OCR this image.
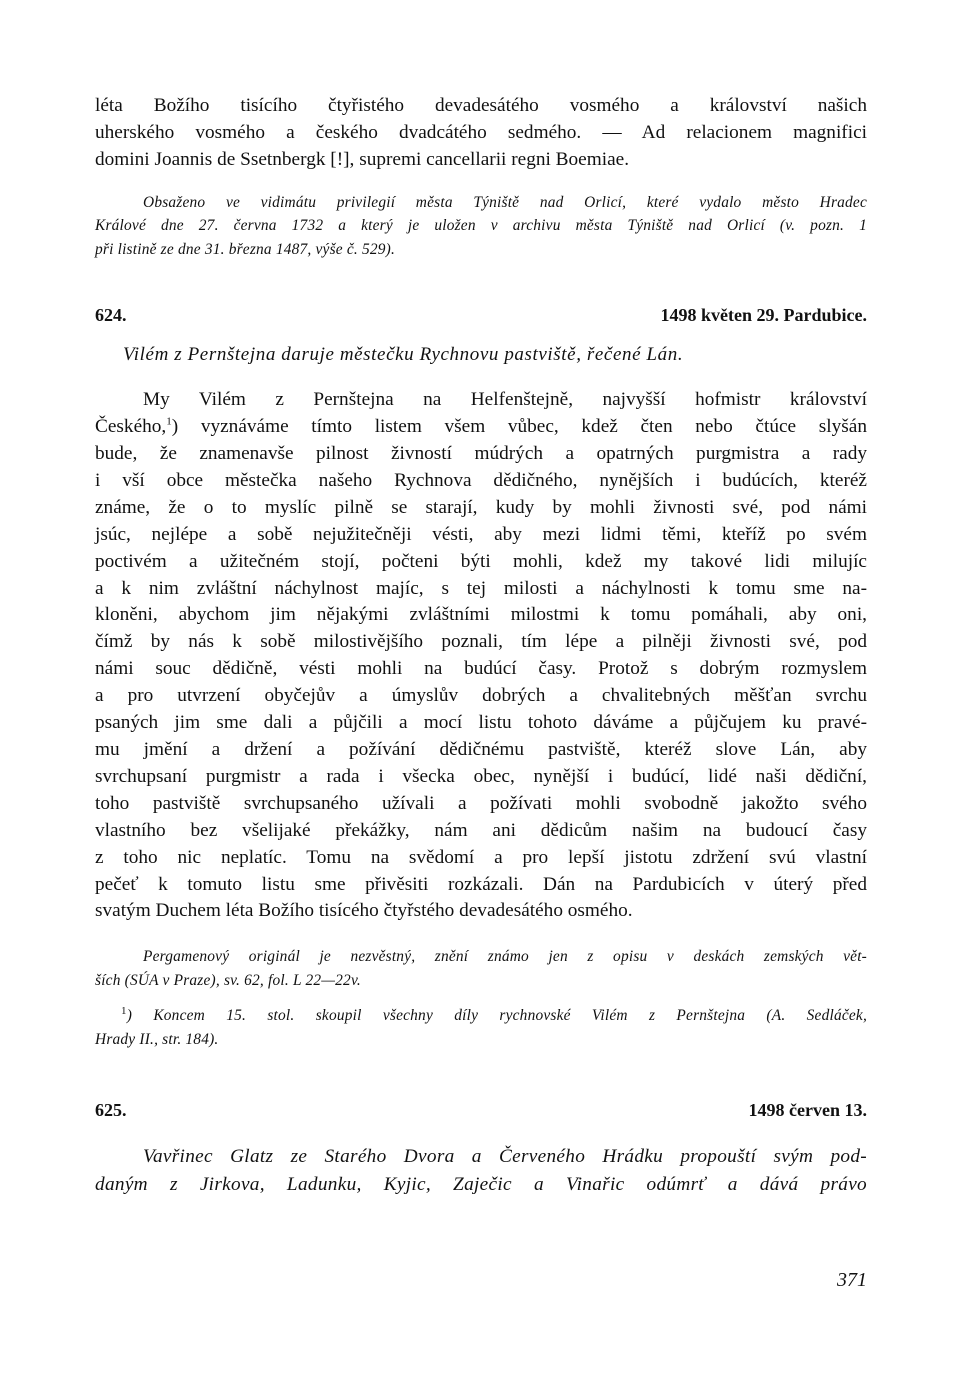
léta Božího tisícího čtyřistého devadesátého vosmého a království našich
uherského vosmého a českého dvadcátého sedmého. — Ad relacionem magnifici
domini Joannis de Ssetnbergk [!], supremi cancellarii regni Boemiae.
Obsaženo ve vidimátu privilegií města Týniště nad Orlicí, které vydalo město Hradec
Králové dne 27. června 1732 a který je uložen v archivu města Týniště nad Orlicí (v. pozn. 1
při listině ze dne 31. března 1487, výše č. 529).
624.	1498 květen 29. Pardubice.
Vilém z Pernštejna daruje městečku Rychnovu pastviště, řečené Lán.
My Vilém z Pernštejna na Helfenštejně, najvyšší hofmistr království
Českého,$^1$) vyznáváme tímto listem všem vůbec, kdež čten nebo čtúce slyšán
bude, že znamenavše pilnost živností múdrých a opatrných purgmistra a rady
i vší obce městečka našeho Rychnova dědičného, nynějších i budúcích, kteréž
známe, že o to myslíc pilně se starají, kudy by mohli živnosti své, pod námi
jsúc, nejlépe a sobě nejužitečněji vésti, aby mezi lidmi těmi, kteříž po svém
poctivém a užitečném stojí, počteni býti mohli, kdež my takové lidi milujíc
a k nim zvláštní náchylnost majíc, s tej milosti a náchylnosti k tomu sme na-
kloněni, abychom jim nějakými zvláštními milostmi k tomu pomáhali, aby oni,
čímž by nás k sobě milostivějšího poznali, tím lépe a pilněji živnosti své, pod
námi souc dědičně, vésti mohli na budúcí časy. Protož s dobrým rozmyslem
a pro utvrzení obyčejův a úmyslův dobrých a chvalitebných měšťan svrchu
psaných jim sme dali a půjčili a mocí listu tohoto dáváme a půjčujem ku pravé-
mu jmění a držení a požívání dědičnému pastviště, kteréž slove Lán, aby
svrchupsaní purgmistr a rada i všecka obec, nynější i budúcí, lidé naši dědiční,
toho pastviště svrchupsaného užívali a požívati mohli svobodně jakožto svého
vlastního bez všelijaké překážky, nám ani dědicům našim na budoucí časy
z toho nic neplatíc. Tomu na svědomí a pro lepší jistotu zdržení svú vlastní
pečeť k tomuto listu sme přivěsiti rozkázali. Dán na Pardubicích v úterý před
svatým Duchem léta Božího tisícého čtyřstého devadesátého osmého.
Pergamenový originál je nezvěstný, znění známo jen z opisu v deskách zemských vět-
ších (SÚA v Praze), sv. 62, fol. L 22—22v.
$^1$) Koncem 15. stol. skoupil všechny díly rychnovské Vilém z Pernštejna (A. Sedláček,
Hrady II., str. 184).
625.	1498 červen 13.
Vavřinec Glatz ze Starého Dvora a Červeného Hrádku propouští svým pod-
daným z Jirkova, Ladunku, Kyjic, Zaječic a Vinařic odúmrť a dává právo
371
